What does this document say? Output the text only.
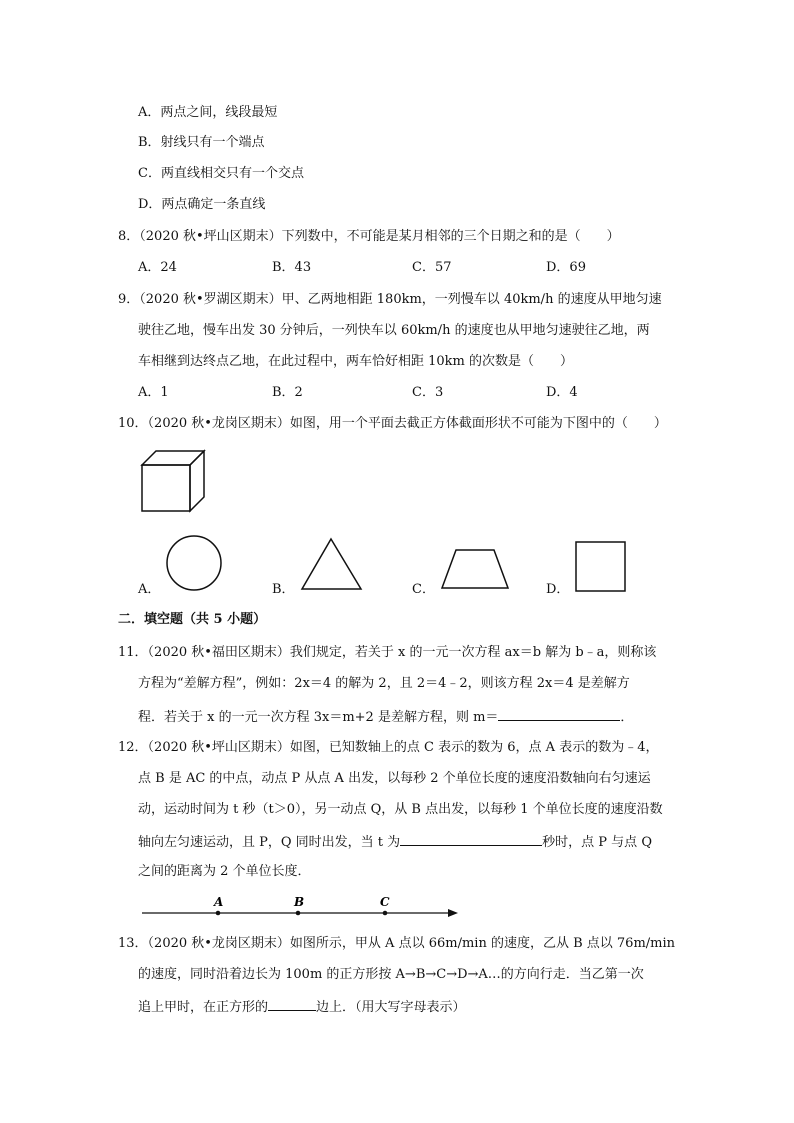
A．两点之间，线段最短
B．射线只有一个端点
C．两直线相交只有一个交点
D．两点确定一条直线
8．（2020 秋•坪山区期末）下列数中，不可能是某月相邻的三个日期之和的是（　　）
A．24	B．43	C．57	D．69
9．（2020 秋•罗湖区期末）甲、乙两地相距 180km，一列慢车以 40km/h 的速度从甲地匀速
驶往乙地，慢车出发 30 分钟后，一列快车以 60km/h 的速度也从甲地匀速驶往乙地，两
车相继到达终点乙地，在此过程中，两车恰好相距 10km 的次数是（　　）
A．1	B．2	C．3	D．4
10．（2020 秋•龙岗区期末）如图，用一个平面去截正方体截面形状不可能为下图中的（　　）
A．	B．	C．	D．
二．填空题（共 5 小题）
11．（2020 秋•福田区期末）我们规定，若关于 x 的一元一次方程 ax＝b 解为 b﹣a，则称该
方程为“差解方程”，例如：2x＝4 的解为 2，且 2＝4﹣2，则该方程 2x＝4 是差解方
程．若关于 x 的一元一次方程 3x＝m+2 是差解方程，则 m＝	．
12．（2020 秋•坪山区期末）如图，已知数轴上的点 C 表示的数为 6，点 A 表示的数为﹣4，
点 B 是 AC 的中点，动点 P 从点 A 出发，以每秒 2 个单位长度的速度沿数轴向右匀速运
动，运动时间为 t 秒（t＞0），另一动点 Q，从 B 点出发，以每秒 1 个单位长度的速度沿数
轴向左匀速运动，且 P，Q 同时出发，当 t 为	秒时，点 P 与点 Q
之间的距离为 2 个单位长度．
A	B	C
13．（2020 秋•龙岗区期末）如图所示，甲从 A 点以 66m/min 的速度，乙从 B 点以 76m/min
的速度，同时沿着边长为 100m 的正方形按 A→B→C→D→A…的方向行走．当乙第一次
追上甲时，在正方形的	边上．（用大写字母表示）
